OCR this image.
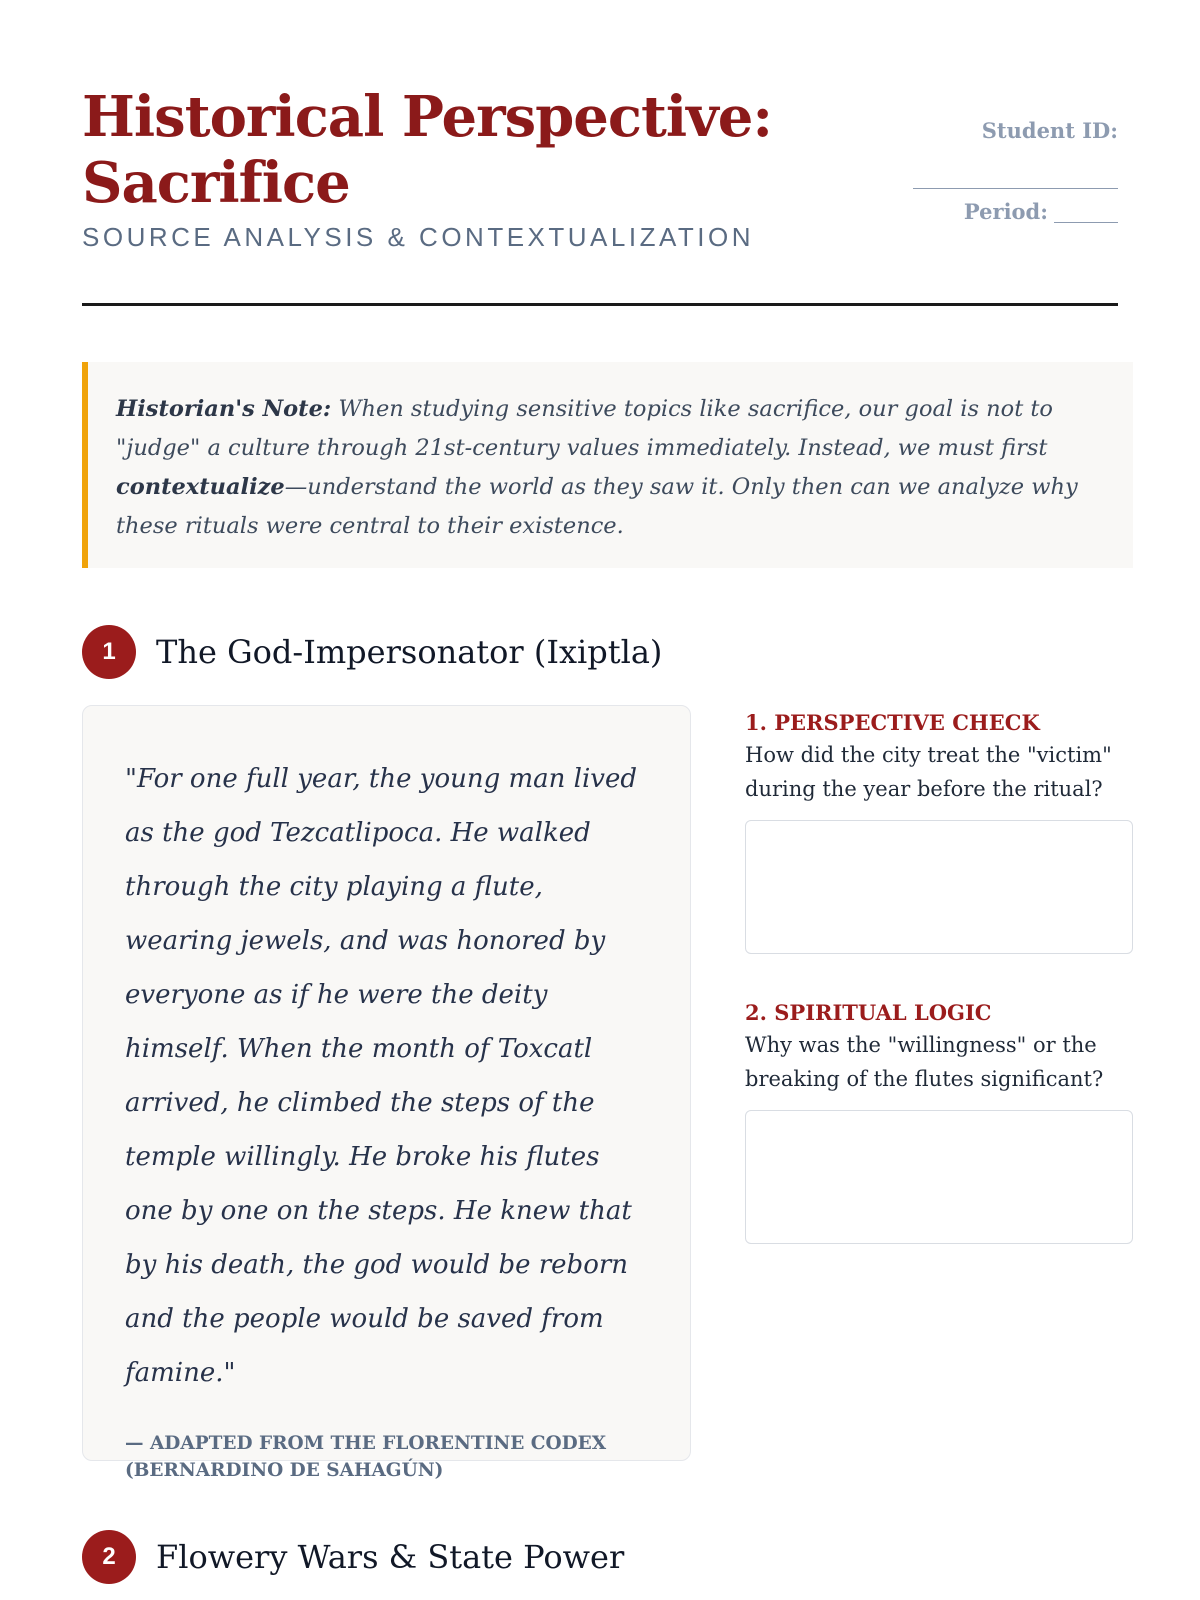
Historical Perspective:
Sacrifice
SOURCE ANALYSIS & CONTEXTUALIZATION
Student ID:
Period:
Historian's Note: When studying sensitive topics like sacrifice, our goal is not to "judge" a culture through 21st-century values immediately. Instead, we must first contextualize—understand the world as they saw it. Only then can we analyze why these rituals were central to their existence.
1	The God-Impersonator (Ixiptla)
"For one full year, the young man lived as the god Tezcatlipoca. He walked through the city playing a flute, wearing jewels, and was honored by everyone as if he were the deity himself. When the month of Toxcatl arrived, he climbed the steps of the temple willingly. He broke his flutes one by one on the steps. He knew that by his death, the god would be reborn and the people would be saved from famine."
— ADAPTED FROM THE FLORENTINE CODEX (BERNARDINO DE SAHAGÚN)
1. PERSPECTIVE CHECK
How did the city treat the "victim" during the year before the ritual?
2. SPIRITUAL LOGIC
Why was the "willingness" or the breaking of the flutes significant?
2	Flowery Wars & State Power
